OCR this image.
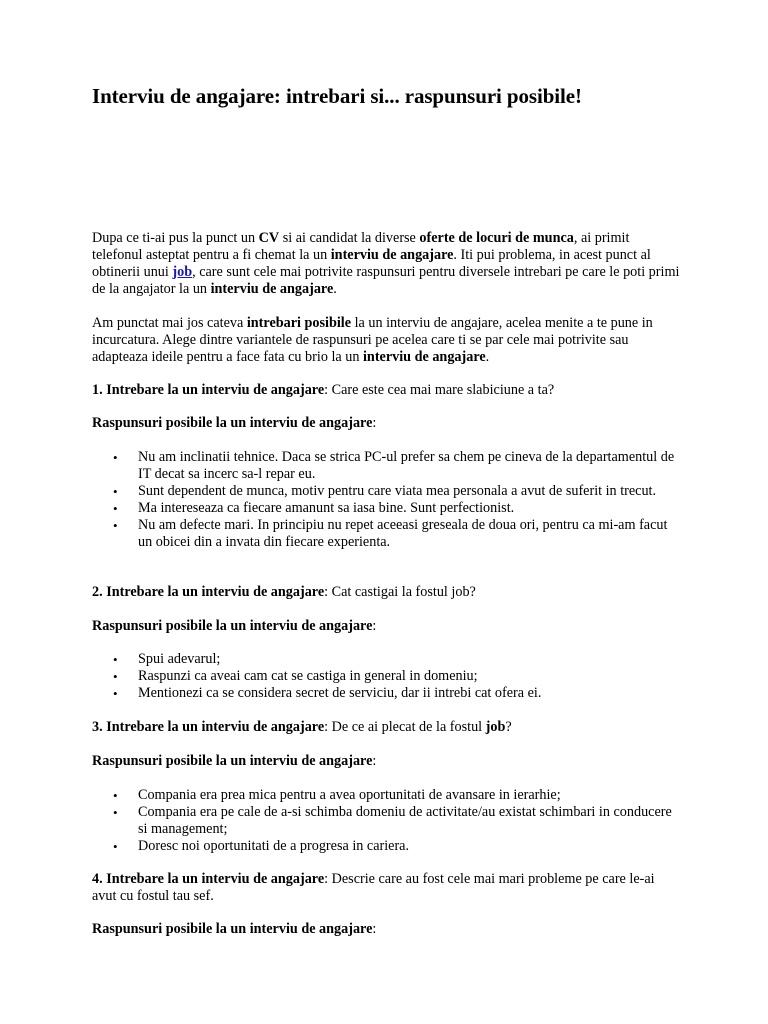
Interviu de angajare: intrebari si... raspunsuri posibile!

Dupa ce ti-ai pus la punct un CV si ai candidat la diverse oferte de locuri de munca, ai primit telefonul asteptat pentru a fi chemat la un interviu de angajare. Iti pui problema, in acest punct al obtinerii unui job, care sunt cele mai potrivite raspunsuri pentru diversele intrebari pe care le poti primi de la angajator la un interviu de angajare.

Am punctat mai jos cateva intrebari posibile la un interviu de angajare, acelea menite a te pune in incurcatura. Alege dintre variantele de raspunsuri pe acelea care ti se par cele mai potrivite sau adapteaza ideile pentru a face fata cu brio la un interviu de angajare.

1. Intrebare la un interviu de angajare: Care este cea mai mare slabiciune a ta?

Raspunsuri posibile la un interviu de angajare:

• Nu am inclinatii tehnice. Daca se strica PC-ul prefer sa chem pe cineva de la departamentul de IT decat sa incerc sa-l repar eu.
• Sunt dependent de munca, motiv pentru care viata mea personala a avut de suferit in trecut.
• Ma intereseaza ca fiecare amanunt sa iasa bine. Sunt perfectionist.
• Nu am defecte mari. In principiu nu repet aceeasi greseala de doua ori, pentru ca mi-am facut un obicei din a invata din fiecare experienta.

2. Intrebare la un interviu de angajare: Cat castigai la fostul job?

Raspunsuri posibile la un interviu de angajare:

• Spui adevarul;
• Raspunzi ca aveai cam cat se castiga in general in domeniu;
• Mentionezi ca se considera secret de serviciu, dar ii intrebi cat ofera ei.

3. Intrebare la un interviu de angajare: De ce ai plecat de la fostul job?

Raspunsuri posibile la un interviu de angajare:

• Compania era prea mica pentru a avea oportunitati de avansare in ierarhie;
• Compania era pe cale de a-si schimba domeniu de activitate/au existat schimbari in conducere si management;
• Doresc noi oportunitati de a progresa in cariera.

4. Intrebare la un interviu de angajare: Descrie care au fost cele mai mari probleme pe care le-ai avut cu fostul tau sef.

Raspunsuri posibile la un interviu de angajare:
